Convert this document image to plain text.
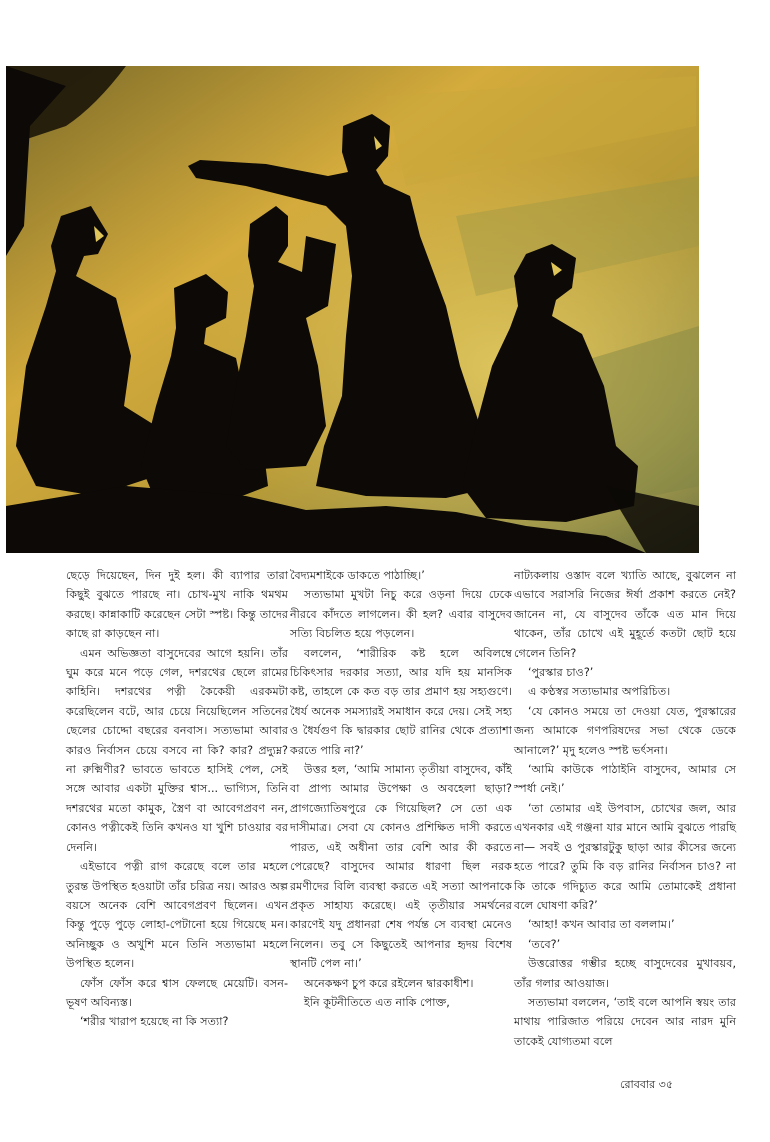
ছেড়ে দিয়েছেন, দিন দুই হল। কী ব্যাপার তারা কিছুই বুঝতে পারছে না। চোখ-মুখ নাকি থমথম করছে। কান্নাকাটি করেছেন সেটা স্পষ্ট। কিন্তু তাদের কাছে রা কাড়ছেন না।

এমন অভিজ্ঞতা বাসুদেবের আগে হয়নি। তাঁর ঘুম করে মনে পড়ে গেল, দশরথের ছেলে রামের কাহিনি। দশরথের পত্নী কৈকেয়ী এরকমটা করেছিলেন বটে, আর চেয়ে নিয়েছিলেন সতিনের ছেলের চোদ্দো বছরের বনবাস। সত্যভামা আবার কারও নির্বাসন চেয়ে বসবে না কি? কার? প্রদ্যুম্ন? না রুক্মিণীর? ভাবতে ভাবতে হাসিই পেল, সেই সঙ্গে আবার একটা মুক্তির শ্বাস... ভাগ্যিস, তিনি দশরথের মতো কামুক, স্ত্রৈণ বা আবেগপ্রবণ নন, কোনও পত্নীকেই তিনি কখনও যা খুশি চাওয়ার বর দেননি।

এইভাবে পত্নী রাগ করেছে বলে তার মহলে তুরন্ত উপস্থিত হওয়াটা তাঁর চরিত্র নয়। আরও অল্প বয়সে অনেক বেশি আবেগপ্রবণ ছিলেন। এখন কিন্তু পুড়ে পুড়ে লোহা-পেটানো হয়ে গিয়েছে মন। অনিচ্ছুক ও অখুশি মনে তিনি সত্যভামা মহলে উপস্থিত হলেন।

ফোঁস ফোঁস করে শ্বাস ফেলছে মেয়েটি। বসন-ভূষণ অবিন্যস্ত।

‘শরীর খারাপ হয়েছে না কি সত্যা?

বৈদ্যমশাইকে ডাকতে পাঠাচ্ছি।’

সত্যভামা মুখটা নিচু করে ওড়না দিয়ে ঢেকে নীরবে কাঁদতে লাগলেন। কী হল? এবার বাসুদেব সত্যি বিচলিত হয়ে পড়লেন।

বললেন, ‘শারীরিক কষ্ট হলে অবিলম্বে চিকিৎসার দরকার সত্যা, আর যদি হয় মানসিক কষ্ট, তাহলে কে কত বড় তার প্রমাণ হয় সহ্যগুণে। ধৈর্য অনেক সমস্যারই সমাধান করে দেয়। সেই সহ্য ও ধৈর্যগুণ কি দ্বারকার ছোট রানির থেকে প্রত্যাশা করতে পারি না?’

উত্তর হল, ‘আমি সামান্য তৃতীয়া বাসুদেব, কাঁই বা প্রাপ্য আমার উপেক্ষা ও অবহেলা ছাড়া? প্রাগজ্যোতিষপুরে কে গিয়েছিল? সে তো এক দাসীমাত্র। সেবা যে কোনও প্রশিক্ষিত দাসী করতে পারত, এই অধীনা তার বেশি আর কী করতে পেরেছে? বাসুদেব আমার ধারণা ছিল নরক রমণীদের বিলি ব্যবস্থা করতে এই সত্যা আপনাকে প্রকৃত সাহায্য করেছে। এই তৃতীয়ার সমর্থনের কারণেই যদু প্রধানরা শেষ পর্যন্ত সে ব্যবস্থা মেনেও নিলেন। তবু সে কিছুতেই আপনার হৃদয় বিশেষ স্থানটি পেল না।’

অনেকক্ষণ চুপ করে রইলেন দ্বারকাধীশ।

ইনি কূটনীতিতে এত নাকি পোক্ত,

নাট্যকলায় ওস্তাদ বলে খ্যাতি আছে, বুঝলেন না এভাবে সরাসরি নিজের ঈর্ষা প্রকাশ করতে নেই? জানেন না, যে বাসুদেব তাঁকে এত মান দিয়ে থাকেন, তাঁর চোখে এই মুহূর্তে কতটা ছোট হয়ে গেলেন তিনি?

‘পুরস্কার চাও?’

এ কণ্ঠস্বর সত্যভামার অপরিচিত।

‘যে কোনও সময়ে তা দেওয়া যেত, পুরস্কারের জন্য আমাকে গণপরিষদের সভা থেকে ডেকে আনালে?’ মৃদু হলেও স্পষ্ট ভর্ৎসনা।

‘আমি কাউকে পাঠাইনি বাসুদেব, আমার সে স্পর্ধা নেই।’

‘তা তোমার এই উপবাস, চোখের জল, আর এখনকার এই গঞ্জনা যার মানে আমি বুঝতে পারছি না— সবই ও্র পুরস্কারটুকু ছাড়া আর কীসের জন্যে হতে পারে? তুমি কি বড় রানির নির্বাসন চাও? না কি তাকে গদিচ্যুত করে আমি তোমাকেই প্রধানা বলে ঘোষণা করি?’

‘আহা! কখন আবার তা বললাম।’

‘তবে?’

উত্তরোত্তর গম্ভীর হচ্ছে বাসুদেবের মুখাবয়ব, তাঁর গলার আওয়াজ।

সত্যভামা বললেন, ‘তাই বলে আপনি স্বয়ং তার মাথায় পারিজাত পরিয়ে দেবেন আর নারদ মুনি তাকেই যোগ্যতমা বলে

রোববার ৩৫
